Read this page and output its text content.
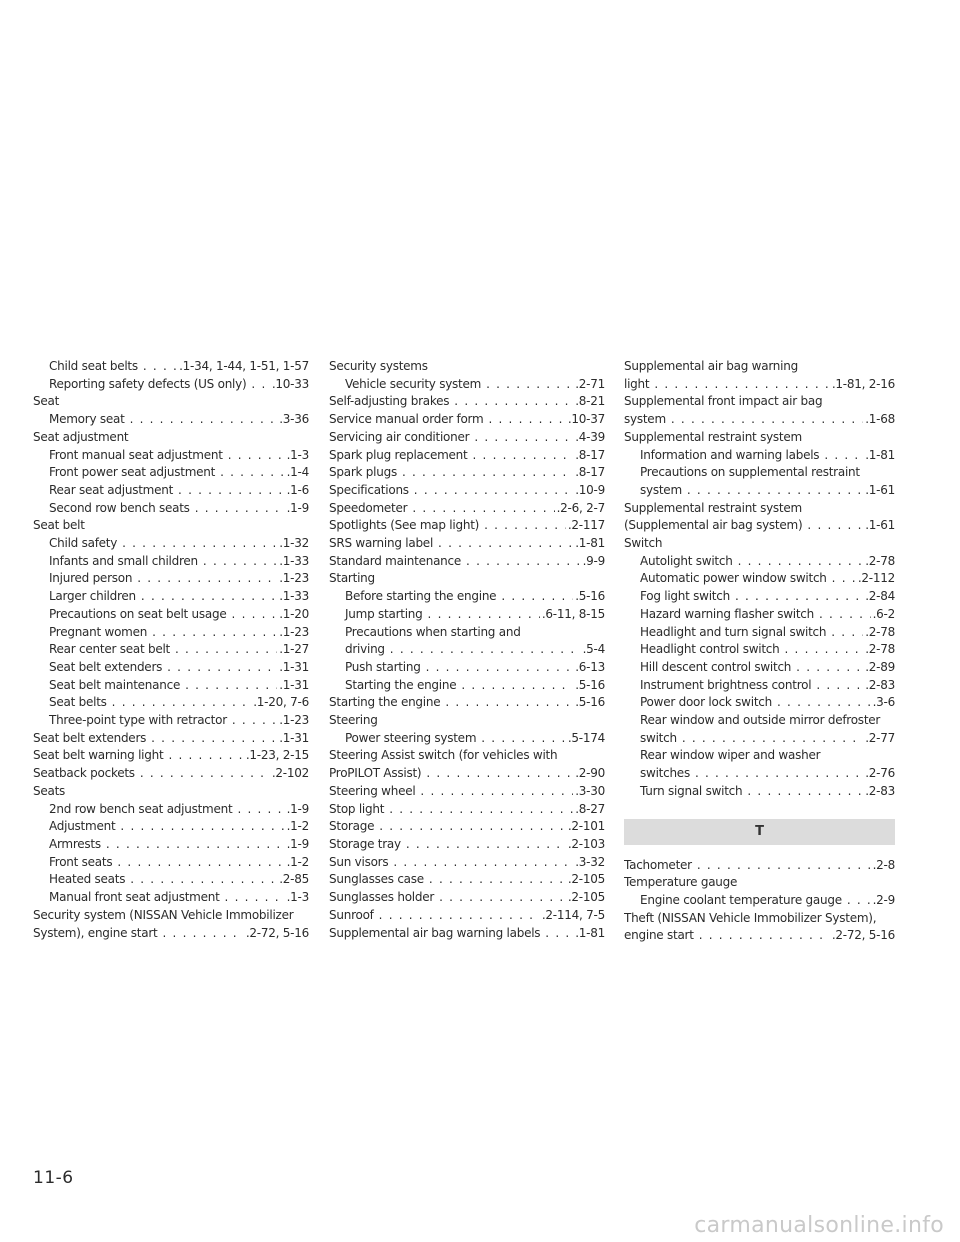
Child seat belts . . .	.1-34, 1-44, 1-51, 1-57
Reporting safety defects (US only) . . . .10-33
Seat
Memory seat . . .	.3-36
Seat adjustment
Front manual seat adjustment . . .	.1-3
Front power seat adjustment . . .	.1-4
Rear seat adjustment . . .	.1-6
Second row bench seats . . .	.1-9
Seat belt
Child safety . . .	.1-32
Infants and small children . . .	.1-33
Injured person . . .	.1-23
Larger children . . .	.1-33
Precautions on seat belt usage . . .	.1-20
Pregnant women . . .	.1-23
Rear center seat belt . . .	.1-27
Seat belt extenders . . .	.1-31
Seat belt maintenance . . .	.1-31
Seat belts . . .	.1-20, 7-6
Three-point type with retractor . . .	.1-23
Seat belt extenders . . .	.1-31
Seat belt warning light . . .	.1-23, 2-15
Seatback pockets . . .	.2-102
Seats
2nd row bench seat adjustment . . .	.1-9
Adjustment . . .	.1-2
Armrests . . .	.1-9
Front seats . . .	.1-2
Heated seats . . .	.2-85
Manual front seat adjustment . . .	.1-3
Security system (NISSAN Vehicle Immobilizer
System), engine start . . .	.2-72, 5-16
Security systems
Vehicle security system . . .	.2-71
Self-adjusting brakes . . .	.8-21
Service manual order form . . .	.10-37
Servicing air conditioner . . .	.4-39
Spark plug replacement . . .	.8-17
Spark plugs . . .	.8-17
Specifications . . .	.10-9
Speedometer . . .	.2-6, 2-7
Spotlights (See map light) . . .	.2-117
SRS warning label . . .	.1-81
Standard maintenance . . .	.9-9
Starting
Before starting the engine . . .	.5-16
Jump starting . . .	.6-11, 8-15
Precautions when starting and
driving . . .	.5-4
Push starting . . .	.6-13
Starting the engine . . .	.5-16
Starting the engine . . .	.5-16
Steering
Power steering system . . .	.5-174
Steering Assist switch (for vehicles with
ProPILOT Assist) . . .	.2-90
Steering wheel . . .	.3-30
Stop light . . .	.8-27
Storage . . .	.2-101
Storage tray . . .	.2-103
Sun visors . . .	.3-32
Sunglasses case . . .	.2-105
Sunglasses holder . . .	.2-105
Sunroof . . .	.2-114, 7-5
Supplemental air bag warning labels . . .	.1-81
Supplemental air bag warning
light . . .	.1-81, 2-16
Supplemental front impact air bag
system . . .	.1-68
Supplemental restraint system
Information and warning labels . . .	.1-81
Precautions on supplemental restraint
system . . .	.1-61
Supplemental restraint system
(Supplemental air bag system) . . .	.1-61
Switch
Autolight switch . . .	.2-78
Automatic power window switch . . .	.2-112
Fog light switch . . .	.2-84
Hazard warning flasher switch . . .	.6-2
Headlight and turn signal switch . . .	.2-78
Headlight control switch . . .	.2-78
Hill descent control switch . . .	.2-89
Instrument brightness control . . .	.2-83
Power door lock switch . . .	.3-6
Rear window and outside mirror defroster
switch . . .	.2-77
Rear window wiper and washer
switches . . .	.2-76
Turn signal switch . . .	.2-83
T
Tachometer . . .	.2-8
Temperature gauge
Engine coolant temperature gauge . . .	.2-9
Theft (NISSAN Vehicle Immobilizer System),
engine start . . .	.2-72, 5-16
11-6
carmanualsonline.info
